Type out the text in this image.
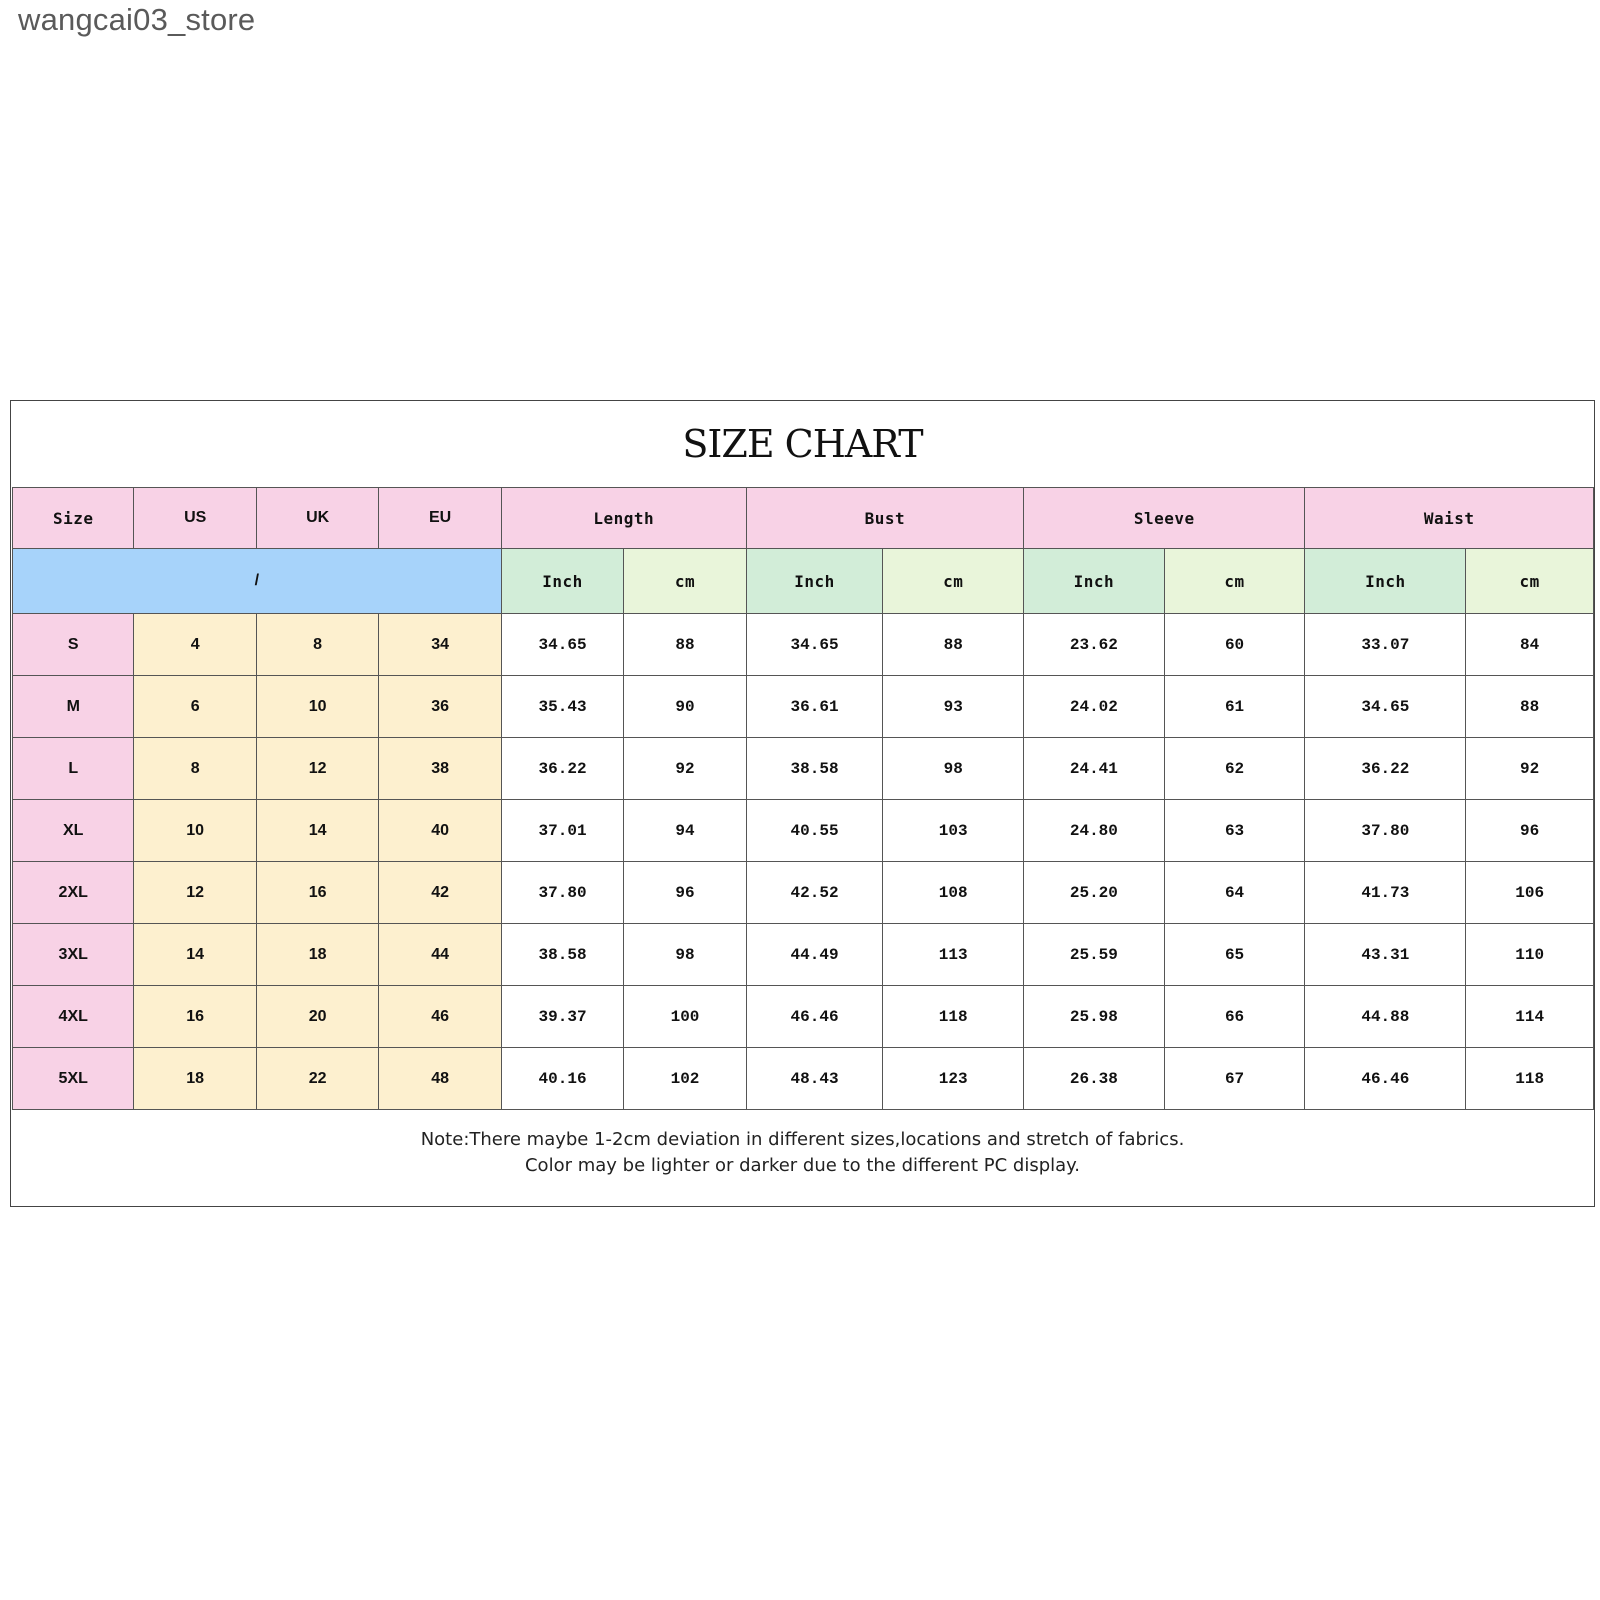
wangcai03_store
SIZE CHART
Size	US	UK	EU	Length		Bust		Sleeve		Waist	
/				Inch	cm	Inch	cm	Inch	cm	Inch	cm
S	4	8	34	34.65	88	34.65	88	23.62	60	33.07	84
M	6	10	36	35.43	90	36.61	93	24.02	61	34.65	88
L	8	12	38	36.22	92	38.58	98	24.41	62	36.22	92
XL	10	14	40	37.01	94	40.55	103	24.80	63	37.80	96
2XL	12	16	42	37.80	96	42.52	108	25.20	64	41.73	106
3XL	14	18	44	38.58	98	44.49	113	25.59	65	43.31	110
4XL	16	20	46	39.37	100	46.46	118	25.98	66	44.88	114
5XL	18	22	48	40.16	102	48.43	123	26.38	67	46.46	118
Note:There maybe 1-2cm deviation in different sizes,locations and stretch of fabrics.
Color may be lighter or darker due to the different PC display.
